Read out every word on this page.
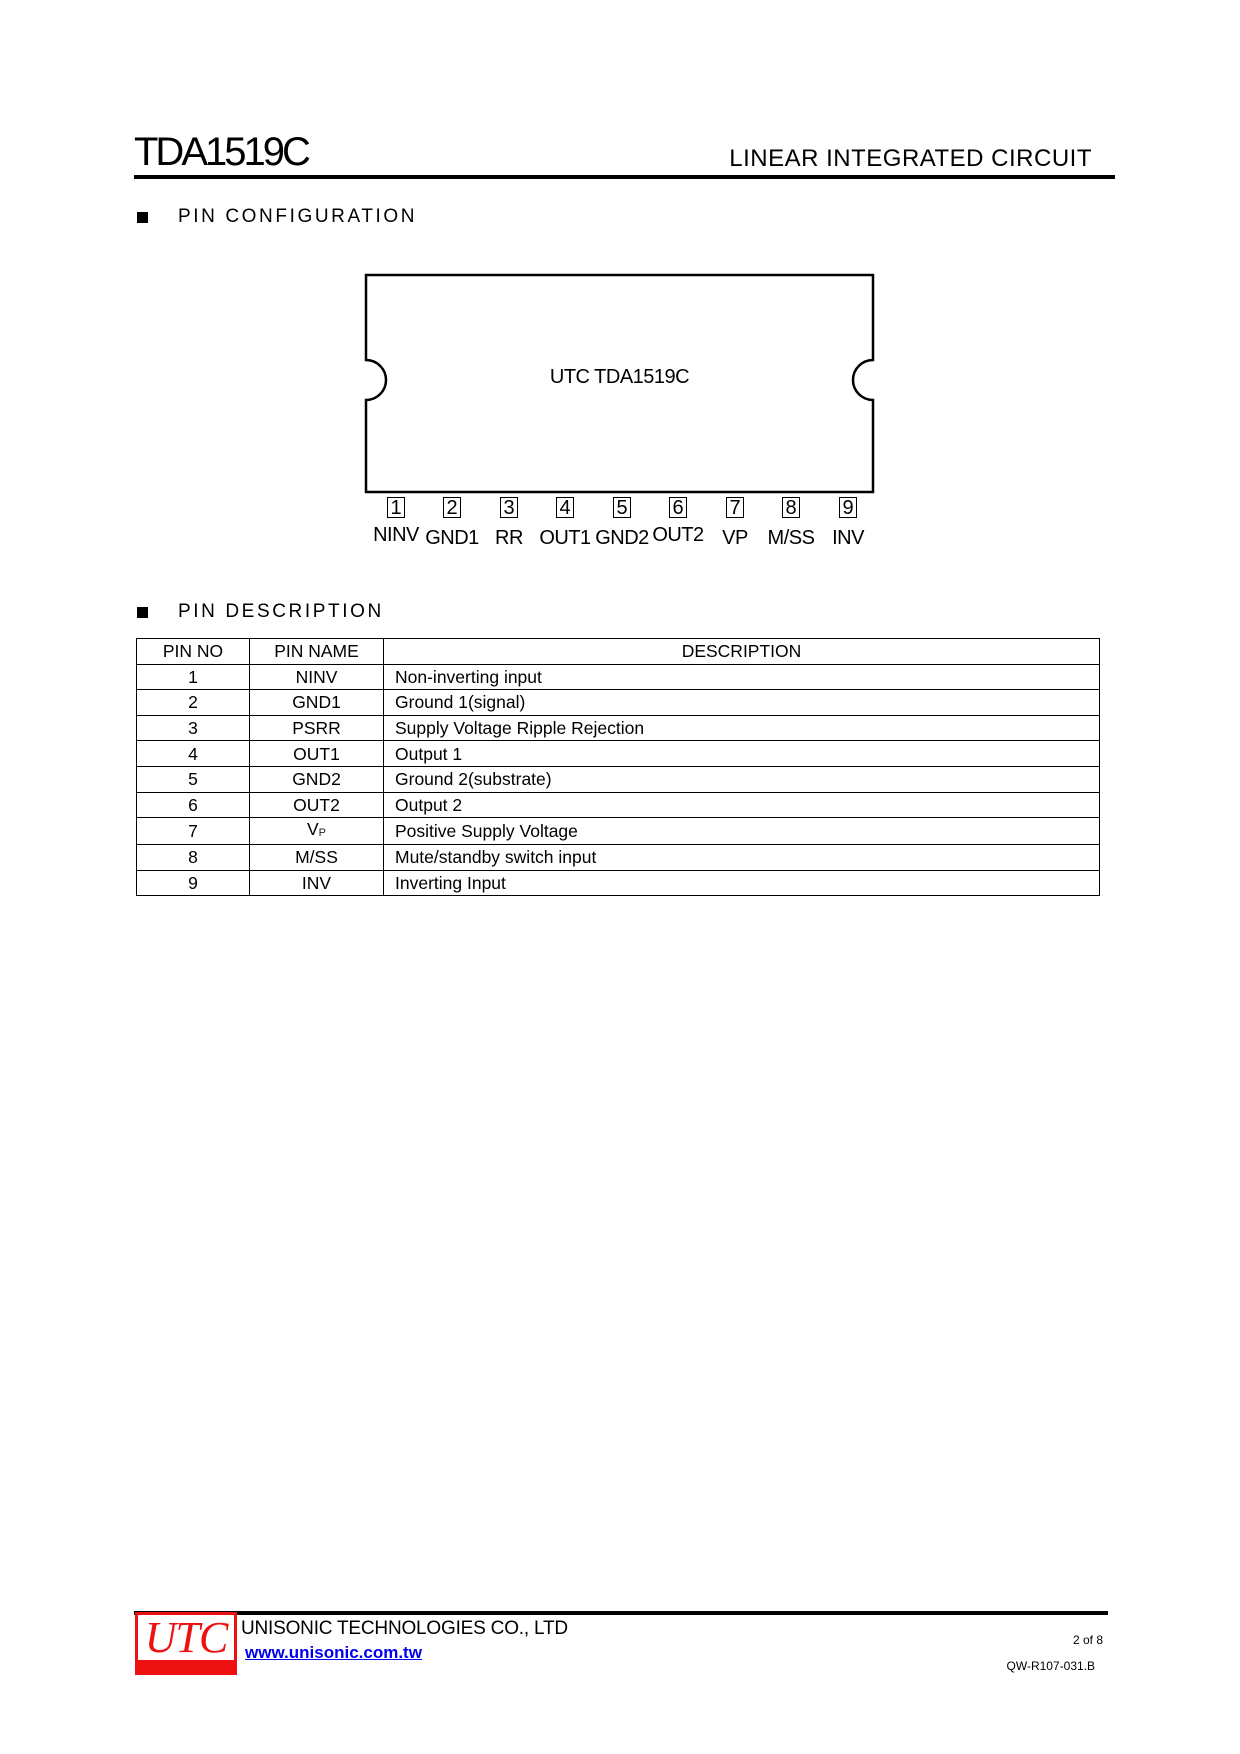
TDA1519C	LINEAR INTEGRATED CIRCUIT
PIN CONFIGURATION
UTC TDA1519C
1 2 3 4 5 6 7 8 9
NINV GND1 RR OUT1 GND2 OUT2 VP M/SS INV
PIN DESCRIPTION
PIN NO	PIN NAME	DESCRIPTION
1	NINV	Non-inverting input
2	GND1	Ground 1(signal)
3	PSRR	Supply Voltage Ripple Rejection
4	OUT1	Output 1
5	GND2	Ground 2(substrate)
6	OUT2	Output 2
7	VP	Positive Supply Voltage
8	M/SS	Mute/standby switch input
9	INV	Inverting Input
UTC UNISONIC TECHNOLOGIES CO., LTD
www.unisonic.com.tw
2 of 8
QW-R107-031.B
